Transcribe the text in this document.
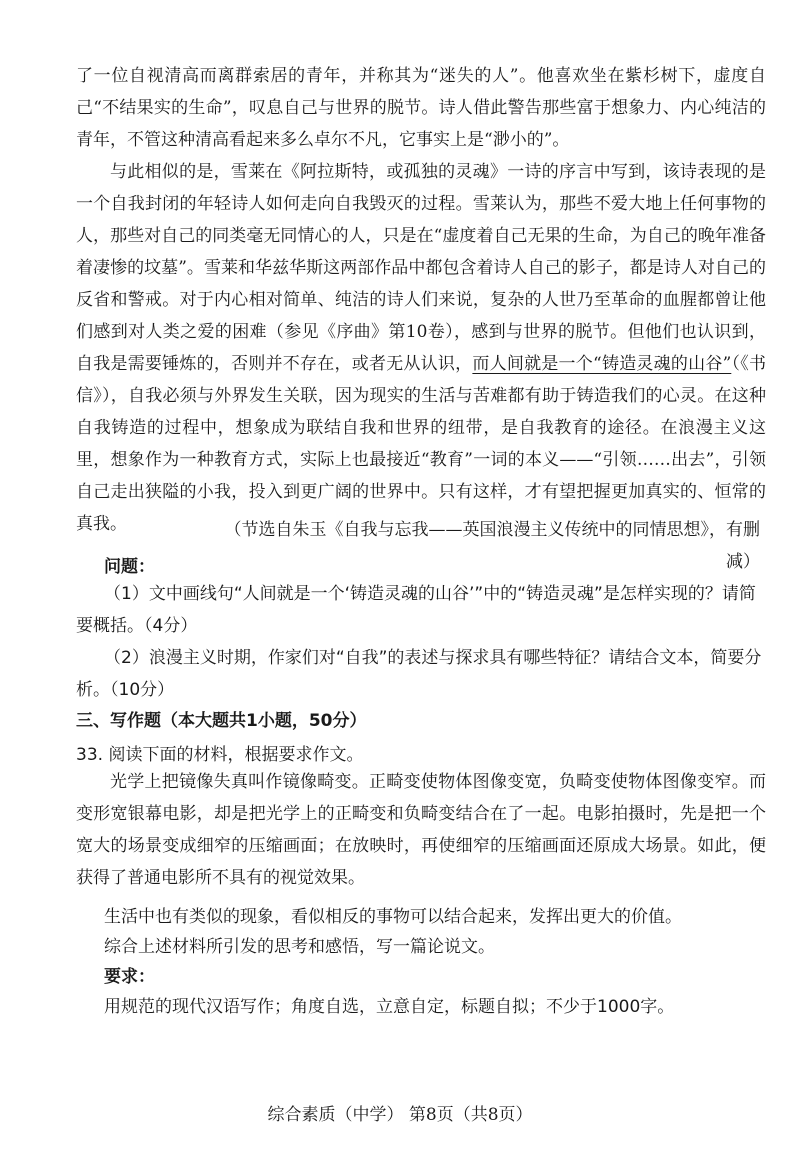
了一位自视清高而离群索居的青年，并称其为“迷失的人”。他喜欢坐在紫杉树下，虚度自己“不结果实的生命”，叹息自己与世界的脱节。诗人借此警告那些富于想象力、内心纯洁的青年，不管这种清高看起来多么卓尔不凡，它事实上是“渺小的”。

与此相似的是，雪莱在《阿拉斯特，或孤独的灵魂》一诗的序言中写到，该诗表现的是一个自我封闭的年轻诗人如何走向自我毁灭的过程。雪莱认为，那些不爱大地上任何事物的人，那些对自己的同类毫无同情心的人，只是在“虚度着自己无果的生命，为自己的晚年准备着凄惨的坟墓”。雪莱和华兹华斯这两部作品中都包含着诗人自己的影子，都是诗人对自己的反省和警戒。对于内心相对简单、纯洁的诗人们来说，复杂的人世乃至革命的血腥都曾让他们感到对人类之爱的困难（参见《序曲》第10卷），感到与世界的脱节。但他们也认识到，自我是需要锤炼的，否则并不存在，或者无从认识，而人间就是一个“铸造灵魂的山谷”（《书信》），自我必须与外界发生关联，因为现实的生活与苦难都有助于铸造我们的心灵。在这种自我铸造的过程中，想象成为联结自我和世界的纽带，是自我教育的途径。在浪漫主义这里，想象作为一种教育方式，实际上也最接近“教育”一词的本义——“引领……出去”，引领自己走出狭隘的小我，投入到更广阔的世界中。只有这样，才有望把握更加真实的、恒常的真我。	（节选自朱玉《自我与忘我——英国浪漫主义传统中的同情思想》，有删减）

问题：

（1）文中画线句“人间就是一个‘铸造灵魂的山谷’”中的“铸造灵魂”是怎样实现的？请简要概括。（4分）

（2）浪漫主义时期，作家们对“自我”的表述与探求具有哪些特征？请结合文本，简要分析。（10分）

三、写作题（本大题共1小题，50分）

33. 阅读下面的材料，根据要求作文。

光学上把镜像失真叫作镜像畸变。正畸变使物体图像变宽，负畸变使物体图像变窄。而变形宽银幕电影，却是把光学上的正畸变和负畸变结合在了一起。电影拍摄时，先是把一个宽大的场景变成细窄的压缩画面；在放映时，再使细窄的压缩画面还原成大场景。如此，便获得了普通电影所不具有的视觉效果。

生活中也有类似的现象，看似相反的事物可以结合起来，发挥出更大的价值。

综合上述材料所引发的思考和感悟，写一篇论说文。

要求：

用规范的现代汉语写作；角度自选，立意自定，标题自拟；不少于1000字。

综合素质（中学） 第8页（共8页）
